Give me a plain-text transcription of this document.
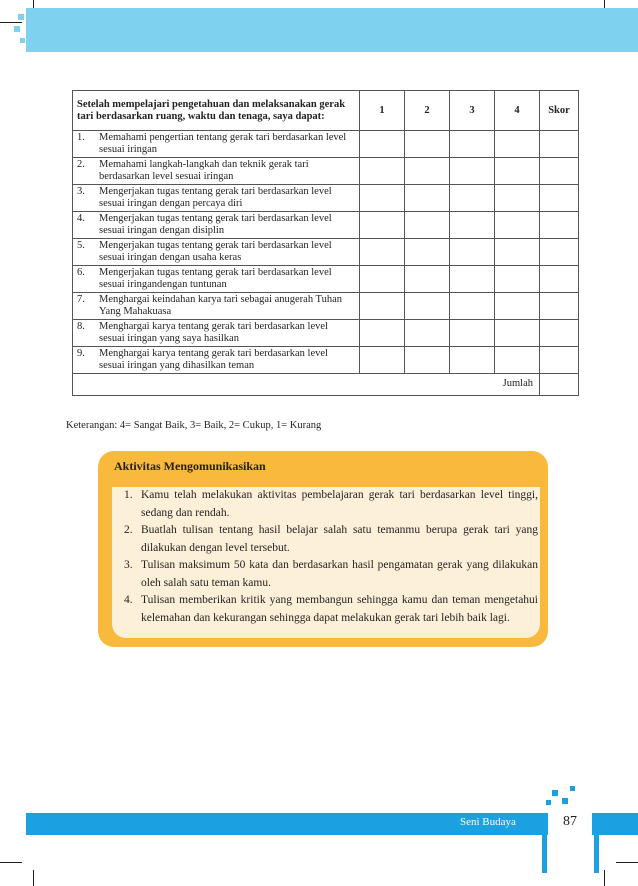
Setelah mempelajari pengetahuan dan melaksanakan gerak tari berdasarkan ruang, waktu dan tenaga, saya dapat:	1	2	3	4	Skor

1. Memahami pengertian tentang gerak tari berdasarkan level sesuai iringan					

2. Memahami langkah-langkah dan teknik gerak tari berdasarkan level sesuai iringan					

3. Mengerjakan tugas tentang gerak tari berdasarkan level sesuai iringan dengan percaya diri					

4. Mengerjakan tugas tentang gerak tari berdasarkan level sesuai iringan dengan disiplin					

5. Mengerjakan tugas tentang gerak tari berdasarkan level sesuai iringan dengan usaha keras					

6. Mengerjakan tugas tentang gerak tari berdasarkan level sesuai iringandengan tuntunan					

7. Menghargai keindahan karya tari sebagai anugerah Tuhan Yang Mahakuasa					

8. Menghargai karya tentang gerak tari berdasarkan level sesuai iringan yang saya hasilkan					

9. Menghargai karya tentang gerak tari berdasarkan level sesuai iringan yang dihasilkan teman					

Jumlah					

Keterangan: 4= Sangat Baik, 3= Baik, 2= Cukup, 1= Kurang

Aktivitas Mengomunikasikan
1. Kamu telah melakukan aktivitas pembelajaran gerak tari berdasarkan level tinggi, sedang dan rendah.
2. Buatlah tulisan tentang hasil belajar salah satu temanmu berupa gerak tari yang dilakukan dengan level tersebut.
3. Tulisan maksimum 50 kata dan berdasarkan hasil pengamatan gerak yang dilakukan oleh salah satu teman kamu.
4. Tulisan memberikan kritik yang membangun sehingga kamu dan teman mengetahui kelemahan dan kekurangan sehingga dapat melakukan gerak tari lebih baik lagi.
Seni Budaya	87
